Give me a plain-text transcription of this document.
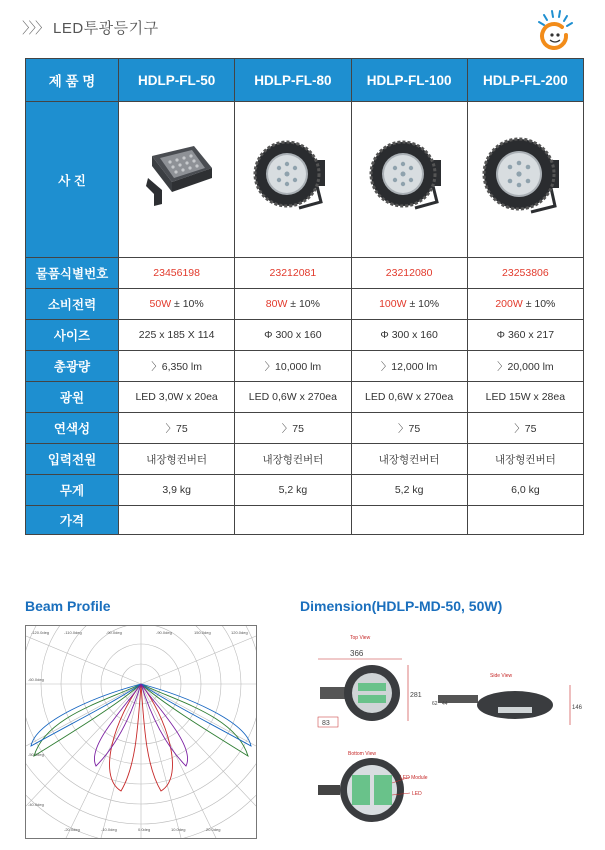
〉〉〉 LED투광등기구
제 품 명	HDLP-FL-50	HDLP-FL-80	HDLP-FL-100	HDLP-FL-200
사 진				
물품식별번호	23456198	23212081	23212080	23253806
소비전력	50W ± 10%	80W ± 10%	100W ± 10%	200W ± 10%
사이즈	225 x 185 X 114	Φ 300 x 160	Φ 300 x 160	Φ 360 x 217
총광량	〉6,350 lm	〉10,000 lm	〉12,000 lm	〉20,000 lm
광원	LED 3,0W x 20ea	LED 0,6W x 270ea	LED 0,6W x 270ea	LED 15W x 28ea
연색성	〉75	〉75	〉75	〉75
입력전원	내장형컨버터	내장형컨버터	내장형컨버터	내장형컨버터
무게	3,9 kg	5,2 kg	5,2 kg	6,0 kg
가격				
Beam Profile	Dimension(HDLP-MD-50, 50W)
-120.0deg	-110.0deg	-90.0deg	-90.0deg	150.0deg	120.0deg
-60.0deg
-50.0deg
-40.0deg
-20.0deg	-10.0deg	0.0deg	10.0deg	20.0deg
Top View
Side View
Bottom View
366
281
83
146
62 44
LED Module
LED
